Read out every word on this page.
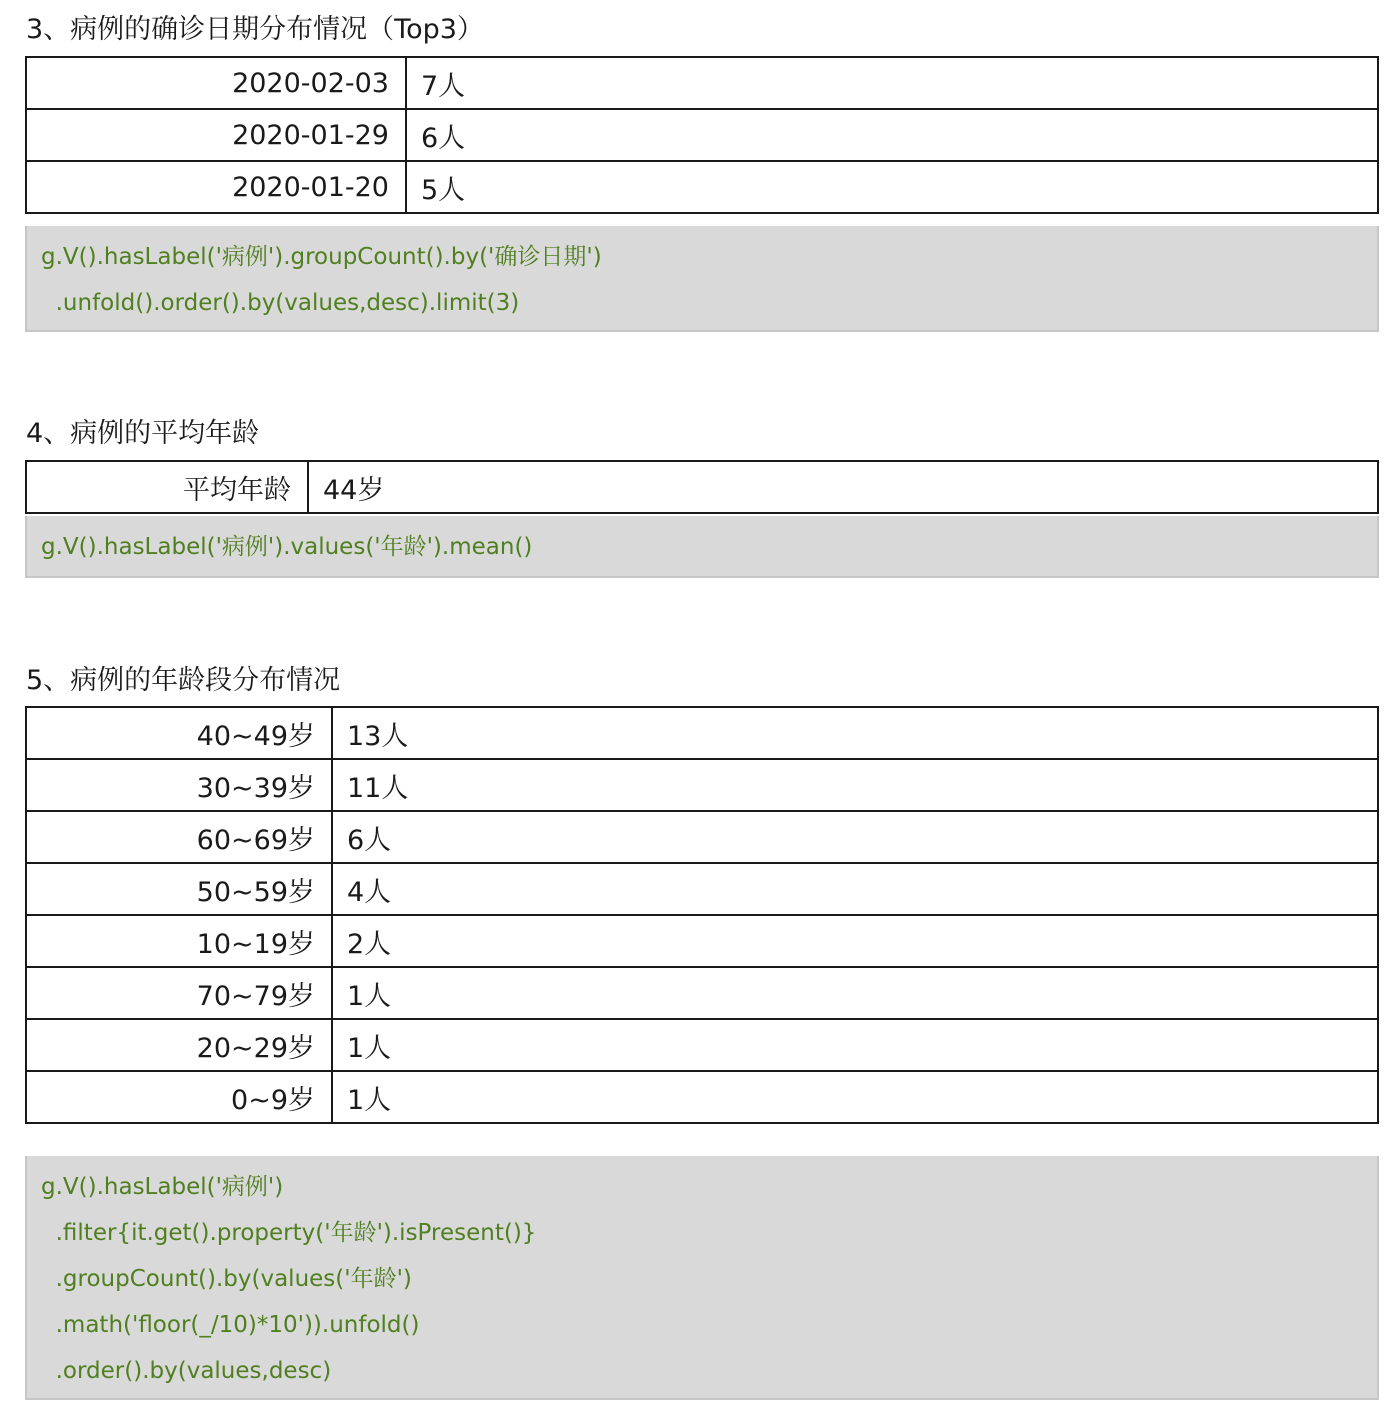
3、病例的确诊日期分布情况（Top3）
2020-02-03	7人
2020-01-29	6人
2020-01-20	5人
g.V().hasLabel('病例').groupCount().by('确诊日期')
.unfold().order().by(values,desc).limit(3)
4、病例的平均年龄
平均年龄	44岁
g.V().hasLabel('病例').values('年龄').mean()
5、病例的年龄段分布情况
40~49岁	13人
30~39岁	11人
60~69岁	6人
50~59岁	4人
10~19岁	2人
70~79岁	1人
20~29岁	1人
0~9岁	1人
g.V().hasLabel('病例')
.filter{it.get().property('年龄').isPresent()}
.groupCount().by(values('年龄')
.math('floor(_/10)*10')).unfold()
.order().by(values,desc)
